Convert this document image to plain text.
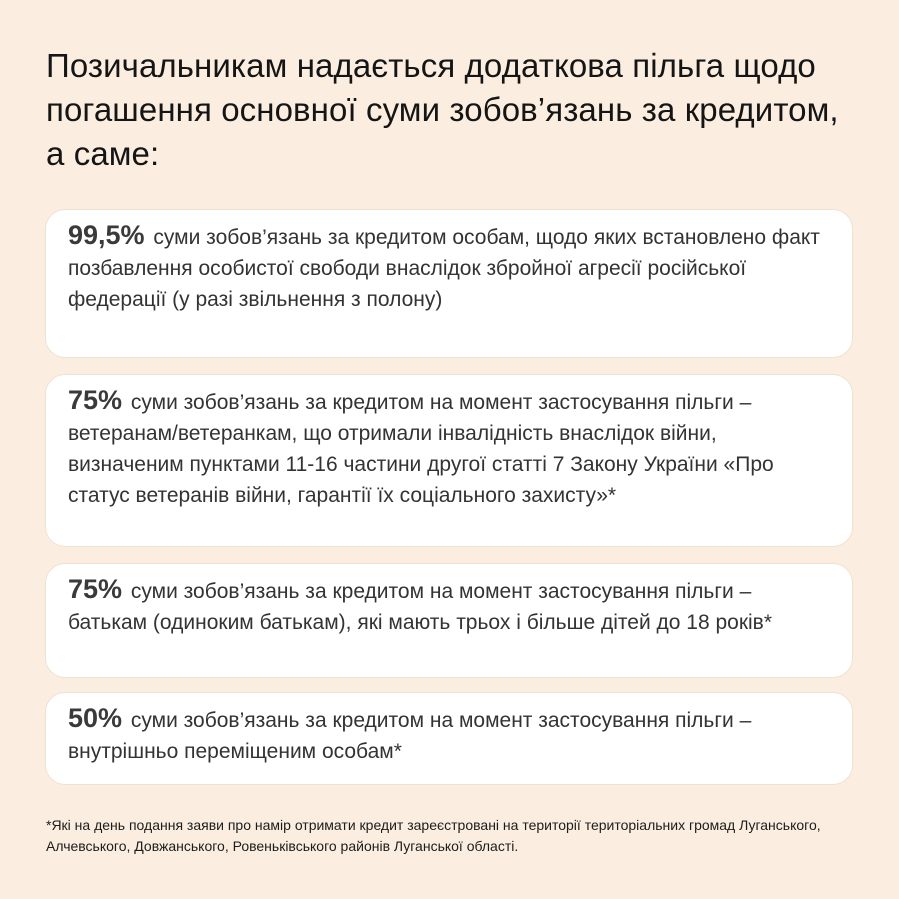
Позичальникам надається додаткова пільга щодо погашення основної суми зобов’язань за кредитом, а саме:
99,5% суми зобов’язань за кредитом особам, щодо яких встановлено факт позбавлення особистої свободи внаслідок збройної агресії російської федерації (у разі звільнення з полону)
75% суми зобов’язань за кредитом на момент застосування пільги – ветеранам/ветеранкам, що отримали інвалідність внаслідок війни, визначеним пунктами 11-16 частини другої статті 7 Закону України «Про статус ветеранів війни, гарантії їх соціального захисту»*
75% суми зобов’язань за кредитом на момент застосування пільги – батькам (одиноким батькам), які мають трьох і більше дітей до 18 років*
50% суми зобов’язань за кредитом на момент застосування пільги – внутрішньо переміщеним особам*
*Які на день подання заяви про намір отримати кредит зареєстровані на території територіальних громад Луганського, Алчевського, Довжанського, Ровеньківського районів Луганської області.
